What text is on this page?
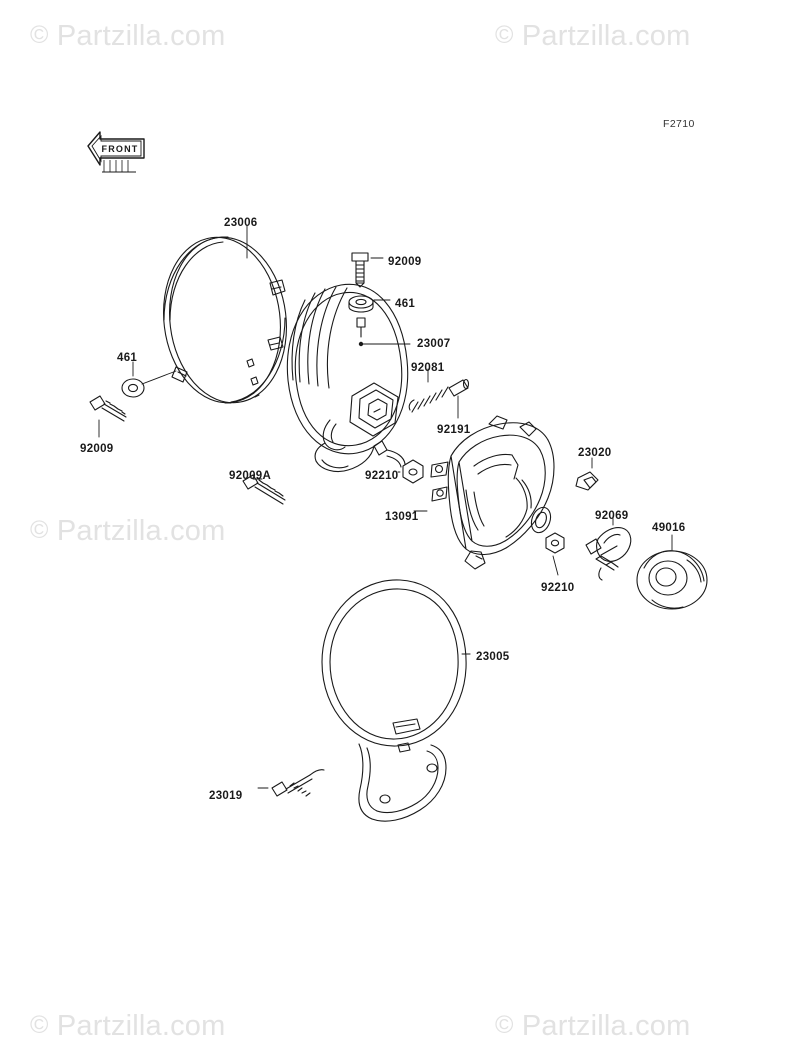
FRONT
F2710
23006
92009
461
23007
92081
461
92191
92009	23020
92210
92009A
13091	92069
49016
92210
23005
23019
© Partzilla.com	© Partzilla.com
© Partzilla.com
© Partzilla.com	© Partzilla.com
